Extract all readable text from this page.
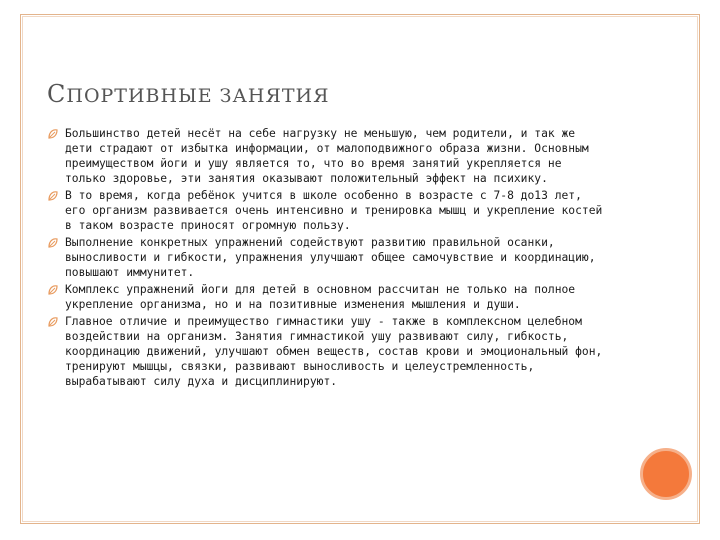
СПОРТИВНЫЕ ЗАНЯТИЯ
Большинство детей несёт на себе нагрузку не меньшую, чем родители, и так же дети страдают от избытка информации, от малоподвижного образа жизни. Основным преимуществом йоги и ушу является то, что во время занятий укрепляется не только здоровье, эти занятия оказывают положительный эффект на психику.
В то время, когда ребёнок учится в школе особенно в возрасте с 7-8 до13 лет, его организм развивается очень интенсивно и тренировка мышц и укрепление костей в таком возрасте приносят огромную пользу.
Выполнение конкретных упражнений содействуют развитию правильной осанки, выносливости и гибкости, упражнения улучшают общее самочувствие и координацию, повышают иммунитет.
Комплекс упражнений йоги для детей в основном рассчитан не только на полное укрепление организма, но и на позитивные изменения мышления и души.
Главное отличие и преимущество гимнастики ушу - также в комплексном целебном воздействии на организм. Занятия гимнастикой ушу развивают силу, гибкость, координацию движений, улучшают обмен веществ, состав крови и эмоциональный фон, тренируют мышцы, связки, развивают выносливость и целеустремленность, вырабатывают силу духа и дисциплинируют.
